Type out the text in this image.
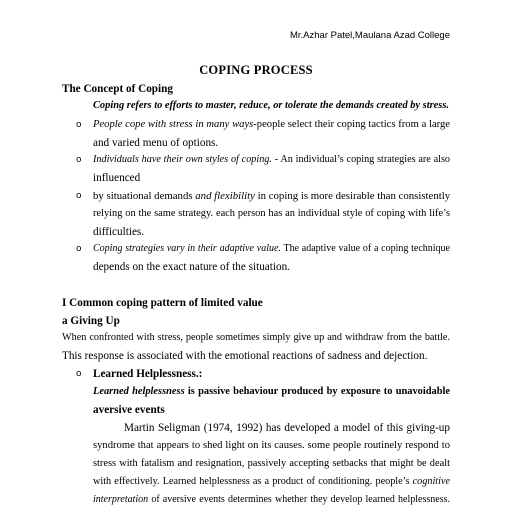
Mr.Azhar Patel,Maulana Azad College
COPING PROCESS
The Concept of Coping
Coping refers to efforts to master, reduce, or tolerate the demands created by stress.
o People cope with stress in many ways-people select their coping tactics from a large
and varied menu of options.
o Individuals have their own styles of coping. - An individual’s coping strategies are also
influenced
o by situational demands and flexibility in coping is more desirable than consistently
relying on the same strategy. each person has an individual style of coping with life’s
difficulties.
o Coping strategies vary in their adaptive value. The adaptive value of a coping technique
depends on the exact nature of the situation.
I Common coping pattern of limited value
a Giving Up
When confronted with stress, people sometimes simply give up and withdraw from the battle.
This response is associated with the emotional reactions of sadness and dejection.
o Learned Helplessness.:
Learned helplessness is passive behaviour produced by exposure to unavoidable
aversive events
Martin Seligman (1974, 1992) has developed a model of this giving-up
syndrome that appears to shed light on its causes. some people routinely respond to
stress with fatalism and resignation, passively accepting setbacks that might be dealt
with effectively. Learned helplessness as a product of conditioning. people’s cognitive
interpretation of aversive events determines whether they develop learned helplessness.
